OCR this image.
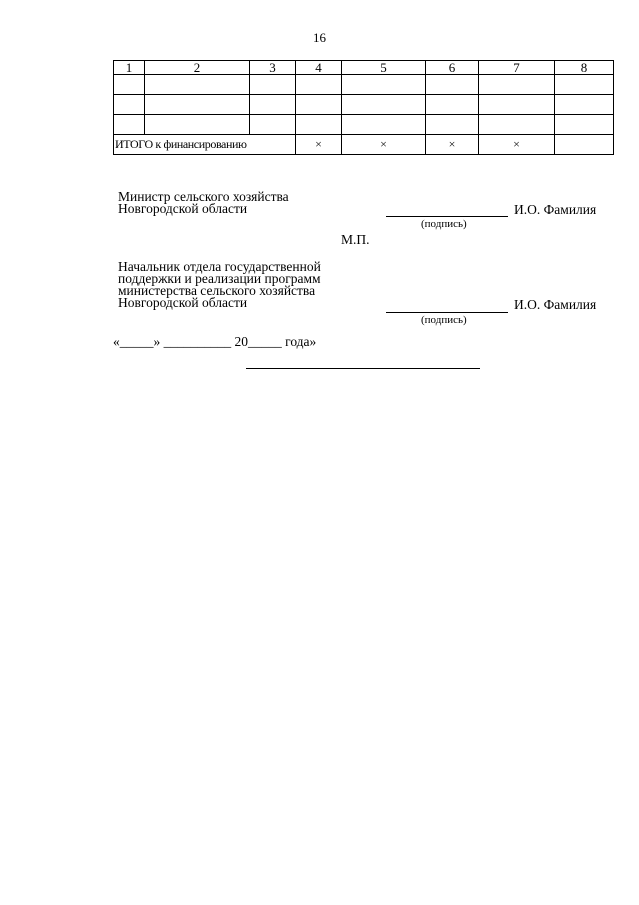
16
1	2	3	4	5	6	7	8

ИТОГО к финансированию			×	×	×	×	
Министр сельского хозяйства
Новгородской области	И.О. Фамилия
(подпись)
М.П.
Начальник отдела государственной
поддержки и реализации программ
министерства сельского хозяйства
Новгородской области	И.О. Фамилия
(подпись)
«_____» __________ 20_____ года»
